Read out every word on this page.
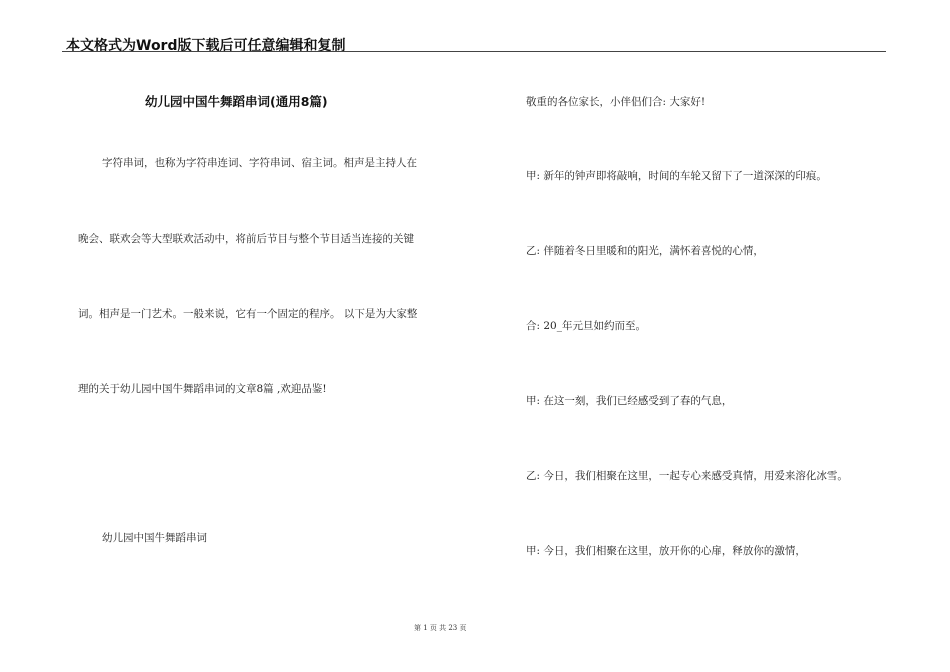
本文格式为Word版下载后可任意编辑和复制
幼儿园中国牛舞蹈串词(通用8篇)
字符串词，也称为字符串连词、字符串词、宿主词。相声是主持人在
晚会、联欢会等大型联欢活动中，将前后节目与整个节目适当连接的关键
词。相声是一门艺术。一般来说，它有一个固定的程序。 以下是为大家整
理的关于幼儿园中国牛舞蹈串词的文章8篇 ,欢迎品鉴!
幼儿园中国牛舞蹈串词
敬重的各位家长，小伴侣们合: 大家好!
甲: 新年的钟声即将敲响，时间的车轮又留下了一道深深的印痕。
乙: 伴随着冬日里暖和的阳光，满怀着喜悦的心情，
合: 20_年元旦如约而至。
甲: 在这一刻，我们已经感受到了春的气息，
乙: 今日，我们相聚在这里，一起专心来感受真情，用爱来溶化冰雪。
甲: 今日，我们相聚在这里，放开你的心扉，释放你的激情，
第 1 页 共 23 页
